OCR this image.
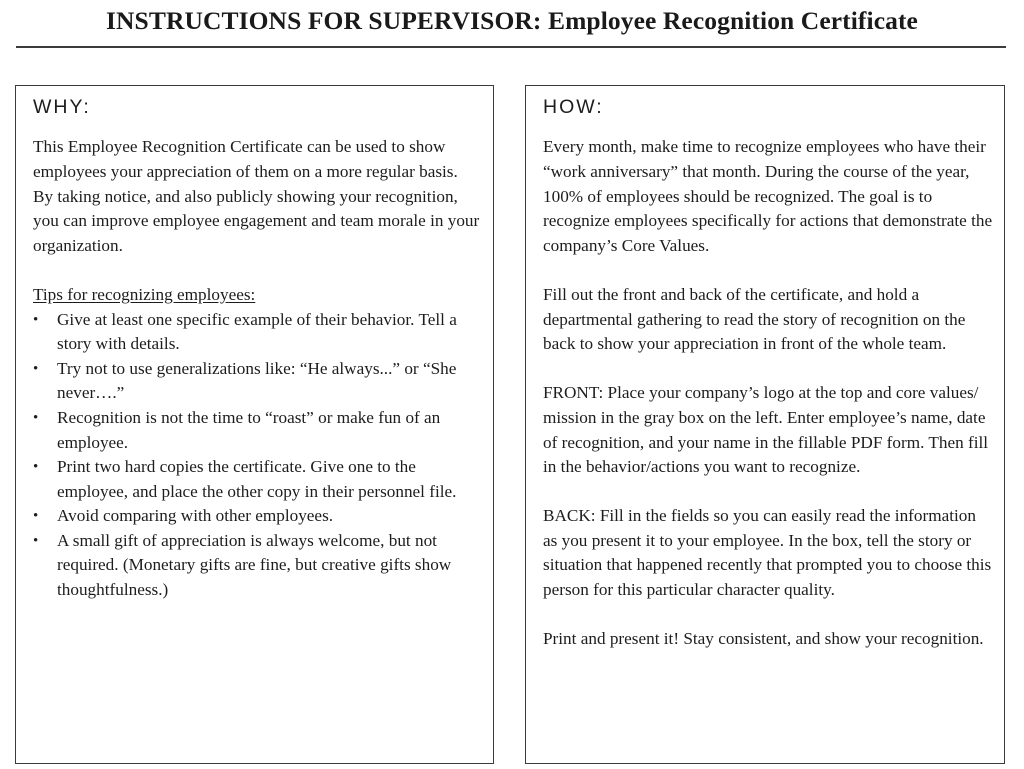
INSTRUCTIONS FOR SUPERVISOR: Employee Recognition Certificate
WHY:

This Employee Recognition Certificate can be used to show employees your appreciation of them on a more regular basis. By taking notice, and also publicly showing your recognition, you can improve employee engagement and team morale in your organization.

Tips for recognizing employees:

•	Give at least one specific example of their behavior. Tell a story with details.
•	Try not to use generalizations like: “He always...” or “She never….”
•	Recognition is not the time to “roast” or make fun of an employee.
•	Print two hard copies the certificate. Give one to the employee, and place the other copy in their personnel file.
•	Avoid comparing with other employees.
•	A small gift of appreciation is always welcome, but not required. (Monetary gifts are fine, but creative gifts show thoughtfulness.)
HOW:

Every month, make time to recognize employees who have their “work anniversary” that month. During the course of the year, 100% of employees should be recognized. The goal is to recognize employees specifically for actions that demonstrate the company’s Core Values.

Fill out the front and back of the certificate, and hold a departmental gathering to read the story of recognition on the back to show your appreciation in front of the whole team.

FRONT: Place your company’s logo at the top and core values/ mission in the gray box on the left. Enter employee’s name, date of recognition, and your name in the fillable PDF form. Then fill in the behavior/actions you want to recognize.

BACK: Fill in the fields so you can easily read the information as you present it to your employee. In the box, tell the story or situation that happened recently that prompted you to choose this person for this particular character quality.

Print and present it! Stay consistent, and show your recognition.
